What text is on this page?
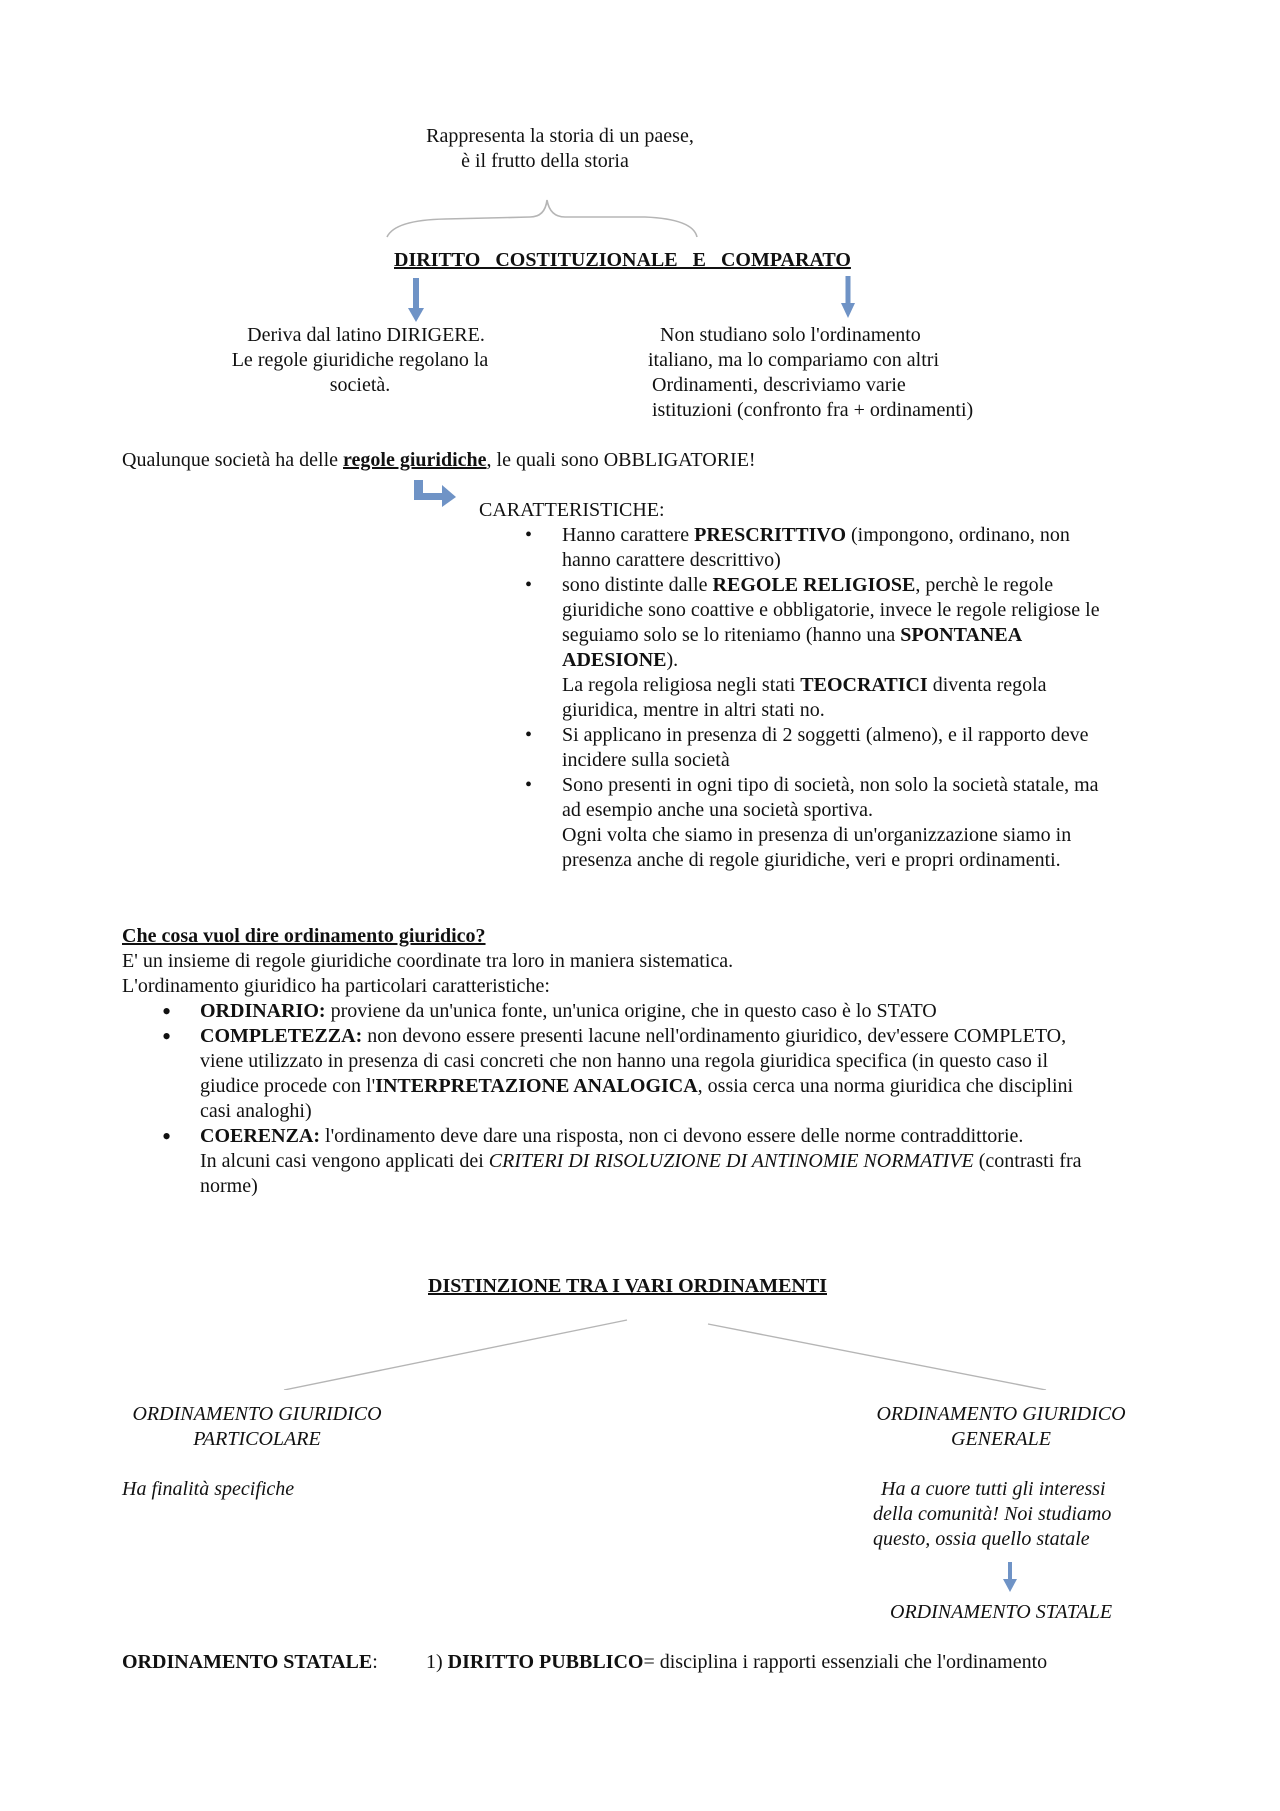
Rappresenta la storia di un paese,
è il frutto della storia
DIRITTO   COSTITUZIONALE   E   COMPARATO
Deriva dal latino DIRIGERE.
Le regole giuridiche regolano la
società.
Non studiano solo l'ordinamento
italiano, ma lo compariamo con altri
Ordinamenti, descriviamo varie
istituzioni (confronto fra + ordinamenti)
Qualunque società ha delle regole giuridiche, le quali sono OBBLIGATORIE!
CARATTERISTICHE:
• Hanno carattere PRESCRITTIVO (impongono, ordinano, non
hanno carattere descrittivo)
• sono distinte dalle REGOLE RELIGIOSE, perchè le regole
giuridiche sono coattive e obbligatorie, invece le regole religiose le
seguiamo solo se lo riteniamo (hanno una SPONTANEA
ADESIONE).
La regola religiosa negli stati TEOCRATICI diventa regola
giuridica, mentre in altri stati no.
• Si applicano in presenza di 2 soggetti (almeno), e il rapporto deve
incidere sulla società
• Sono presenti in ogni tipo di società, non solo la società statale, ma
ad esempio anche una società sportiva.
Ogni volta che siamo in presenza di un'organizzazione siamo in
presenza anche di regole giuridiche, veri e propri ordinamenti.
Che cosa vuol dire ordinamento giuridico?
E' un insieme di regole giuridiche coordinate tra loro in maniera sistematica.
L'ordinamento giuridico ha particolari caratteristiche:
• ORDINARIO: proviene da un'unica fonte, un'unica origine, che in questo caso è lo STATO
• COMPLETEZZA: non devono essere presenti lacune nell'ordinamento giuridico, dev'essere COMPLETO,
viene utilizzato in presenza di casi concreti che non hanno una regola giuridica specifica (in questo caso il
giudice procede con l'INTERPRETAZIONE ANALOGICA, ossia cerca una norma giuridica che disciplini
casi analoghi)
• COERENZA: l'ordinamento deve dare una risposta, non ci devono essere delle norme contraddittorie.
In alcuni casi vengono applicati dei CRITERI DI RISOLUZIONE DI ANTINOMIE NORMATIVE (contrasti fra
norme)
DISTINZIONE TRA I VARI ORDINAMENTI
ORDINAMENTO GIURIDICO
PARTICOLARE
Ha finalità specifiche
ORDINAMENTO GIURIDICO
GENERALE
Ha a cuore tutti gli interessi
della comunità! Noi studiamo
questo, ossia quello statale
ORDINAMENTO STATALE
ORDINAMENTO STATALE: 1) DIRITTO PUBBLICO= disciplina i rapporti essenziali che l'ordinamento
